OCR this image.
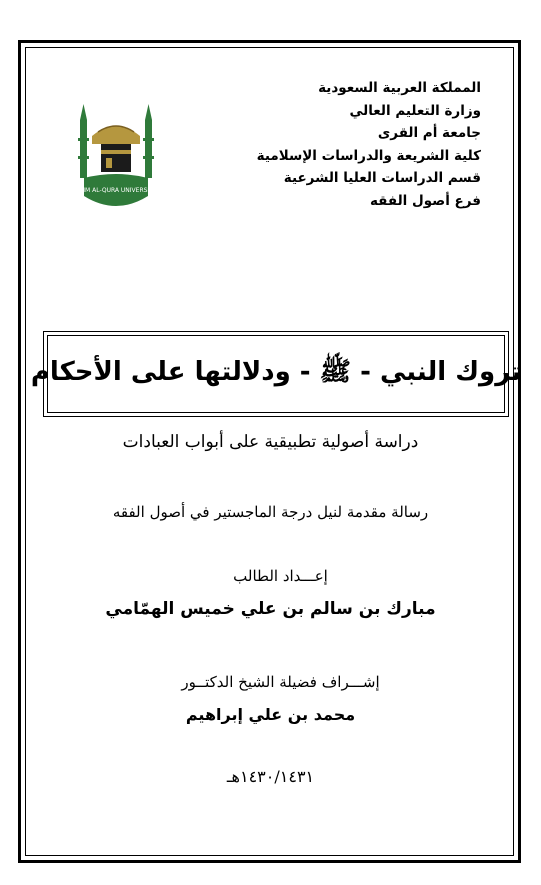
المملكة العربية السعودية
وزارة التعليم العالي
جامعة أم القرى
كلية الشريعة والدراسات الإسلامية
قسم الدراسات العليا الشرعية
فرع أصول الفقه
UMM AL-QURA UNIVERSITY
تروك النبي - ﷺ - ودلالتها على الأحكام
دراسة أصولية تطبيقية على أبواب العبادات
رسالة مقدمة لنيل درجة الماجستير في أصول الفقه
إعـــداد الطالب
مبارك بن سالم بن علي خميس الهمّامي
إشـــراف فضيلة الشيخ الدكتــور
محمد بن علي إبراهيم
١٤٣٠/١٤٣١هـ
